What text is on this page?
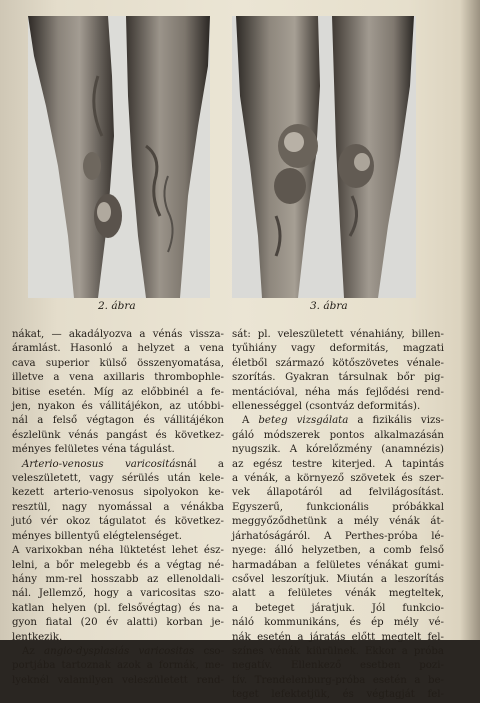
2. ábra	3. ábra

nákat, — akadályozva a vénás vissza-
áramlást. Hasonló a helyzet a vena
cava superior külső összenyomatása,
illetve a vena axillaris thrombophle-
bitise esetén. Míg az előbbinél a fe-
jen, nyakon és vállitájékon, az utóbbi-
nál a felső végtagon és vállitájékon
észlelünk vénás pangást és következ-
ményes felületes véna tágulást.

Arterio-venosus varicositásnál a
veleszületett, vagy sérülés után kele-
kezett arterio-venosus sipolyokon ke-
resztül, nagy nyomással a vénákba
jutó vér okoz tágulatot és következ-
ményes billentyű elégtelenséget.
A varixokban néha lüktetést lehet ész-
lelni, a bőr melegebb és a végtag né-
hány mm-rel hosszabb az ellenoldali-
nál. Jellemző, hogy a varicositas szo-
katlan helyen (pl. felsővégtag) és na-
gyon fiatal (20 év alatti) korban je-
lentkezik.

Az angio-dysplasiás varicositas cso-
portjába tartoznak azok a formák, me-
lyeknél valamilyen veleszületett rend-

sát: pl. veleszületett vénahiány, billen-
tyűhiány vagy deformitás, magzati
életből származó kötőszövetes vénale-
szorítás. Gyakran társulnak bőr pig-
mentációval, néha más fejlődési rend-
ellenességgel (csontváz deformitás).

A beteg vizsgálata a fizikális vizs-
gáló módszerek pontos alkalmazásán
nyugszik. A kórelőzmény (anamnézis)
az egész testre kiterjed. A tapintás
a vénák, a környező szövetek és szer-
vek állapotáról ad felvilágosítást.
Egyszerű, funkcionális próbákkal
meggyőződhetünk a mély vénák át-
járhatóságáról. A Perthes-próba lé-
nyege: álló helyzetben, a comb felső
harmadában a felületes vénákat gumi-
csővel leszorítjuk. Miután a leszorítás
alatt a felületes vénák megteltek,
a beteget járatjuk. Jól funkcio-
náló kommunikáns, és ép mély vé-
nák esetén a járatás előtt megtelt fel-
színes vénák kiürülnek. Ekkor a próba
negatív. Ellenkező esetben pozi-
tív. Trendelenburg-próba esetén a be-
teget lefektetjük, és végtagját fel-
